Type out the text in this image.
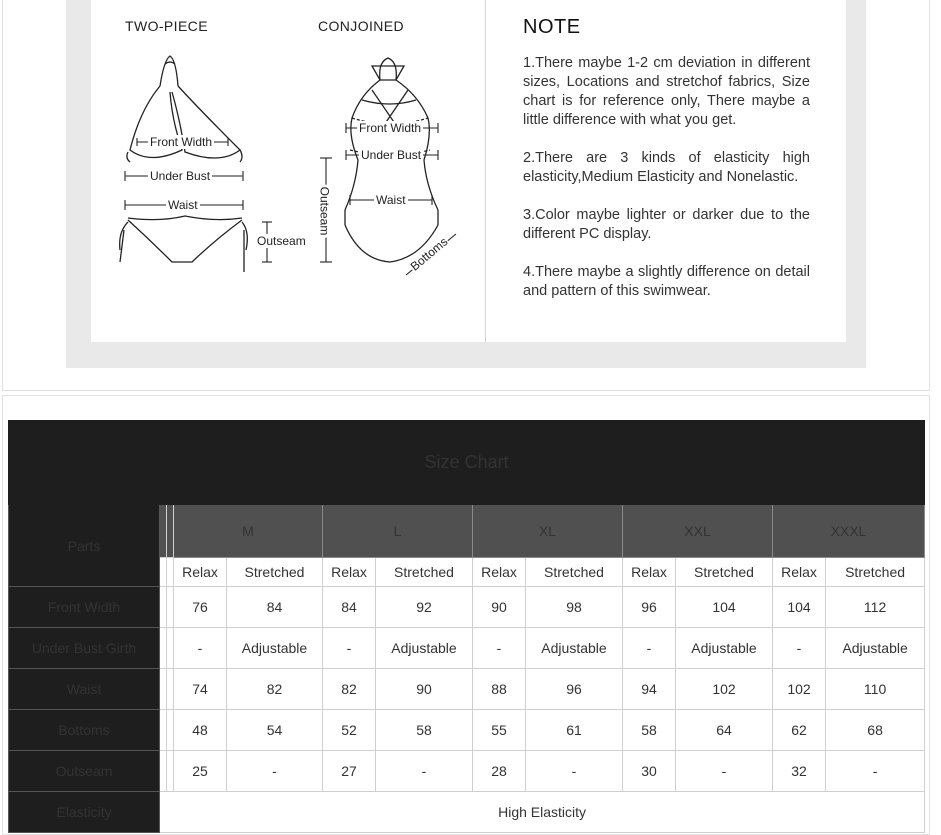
TWO-PIECE	CONJOINED
Front Width
Under Bust
Waist
Outseam
Front Width
Under Bust
Waist
Outseam
Bottoms
NOTE
1.There maybe 1-2 cm deviation in different sizes, Locations and stretchof fabrics, Size chart is for reference only, There maybe a little difference with what you get.
2.There are 3 kinds of elasticity high elasticity,Medium Elasticity and Nonelastic.
3.Color maybe lighter or darker due to the different PC display.
4.There maybe a slightly difference on detail and pattern of this swimwear.
Size Chart												
Parts			M		L		XL		XXL		XXXL	
			Relax	Stretched	Relax	Stretched	Relax	Stretched	Relax	Stretched	Relax	Stretched
Front Width			76	84	84	92	90	98	96	104	104	112
Under Bust Girth			-	Adjustable	-	Adjustable	-	Adjustable	-	Adjustable	-	Adjustable
Waist			74	82	82	90	88	96	94	102	102	110
Bottoms			48	54	52	58	55	61	58	64	62	68
Outseam			25	-	27	-	28	-	30	-	32	-
Elasticity	High Elasticity											
